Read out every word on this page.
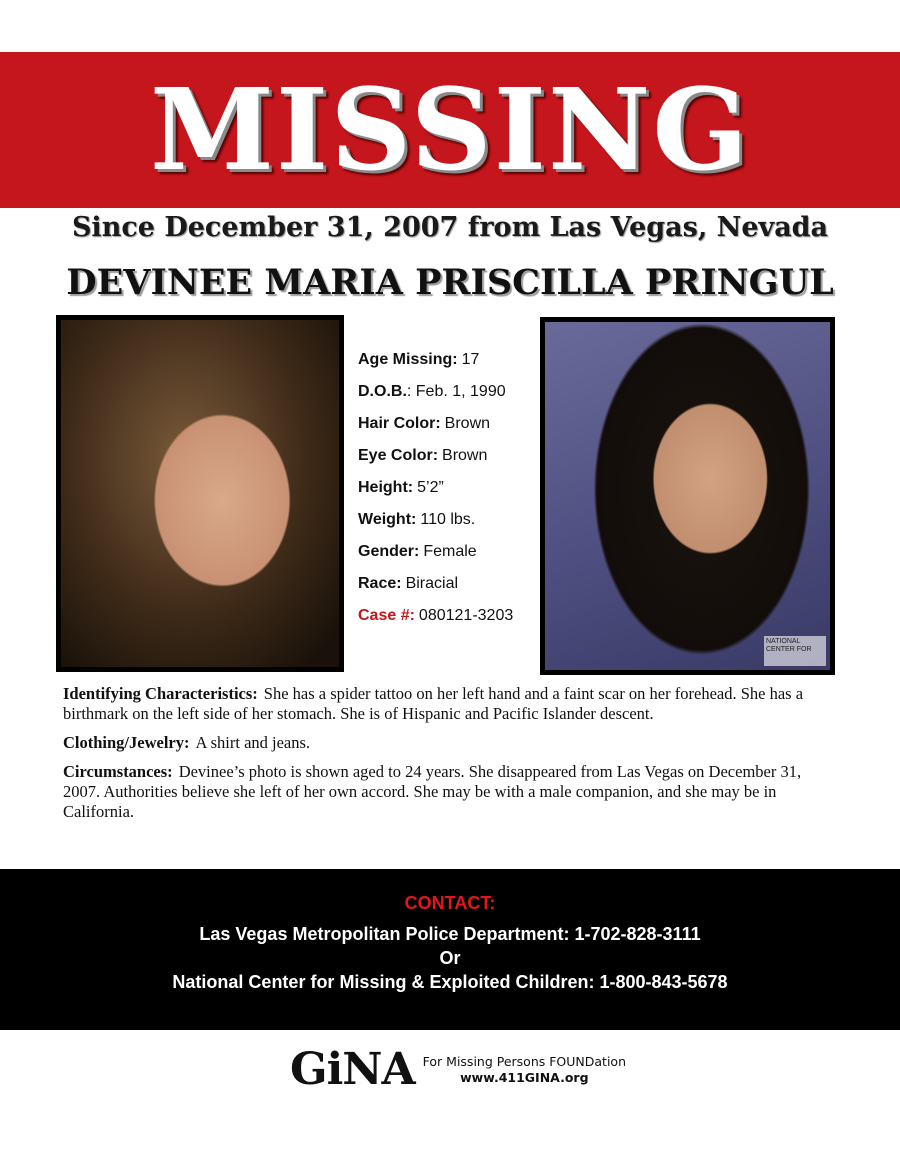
MISSING
Since December 31, 2007 from Las Vegas, Nevada
DEVINEE MARIA PRISCILLA PRINGUL
Age Missing: 17
D.O.B.: Feb. 1, 1990
Hair Color: Brown
Eye Color: Brown
Height: 5’2”
Weight: 110 lbs.
Gender: Female
Race: Biracial
Case #: 080121-3203
NATIONAL CENTER FOR

Identifying Characteristics: She has a spider tattoo on her left hand and a faint scar on her forehead. She has a birthmark on the left side of her stomach. She is of Hispanic and Pacific Islander descent.

Clothing/Jewelry: A shirt and jeans.

Circumstances: Devinee’s photo is shown aged to 24 years. She disappeared from Las Vegas on December 31, 2007. Authorities believe she left of her own accord. She may be with a male companion, and she may be in California.

CONTACT:
Las Vegas Metropolitan Police Department: 1-702-828-3111
Or
National Center for Missing & Exploited Children: 1-800-843-5678
GiNA For Missing Persons FOUNDation
www.411GINA.org
